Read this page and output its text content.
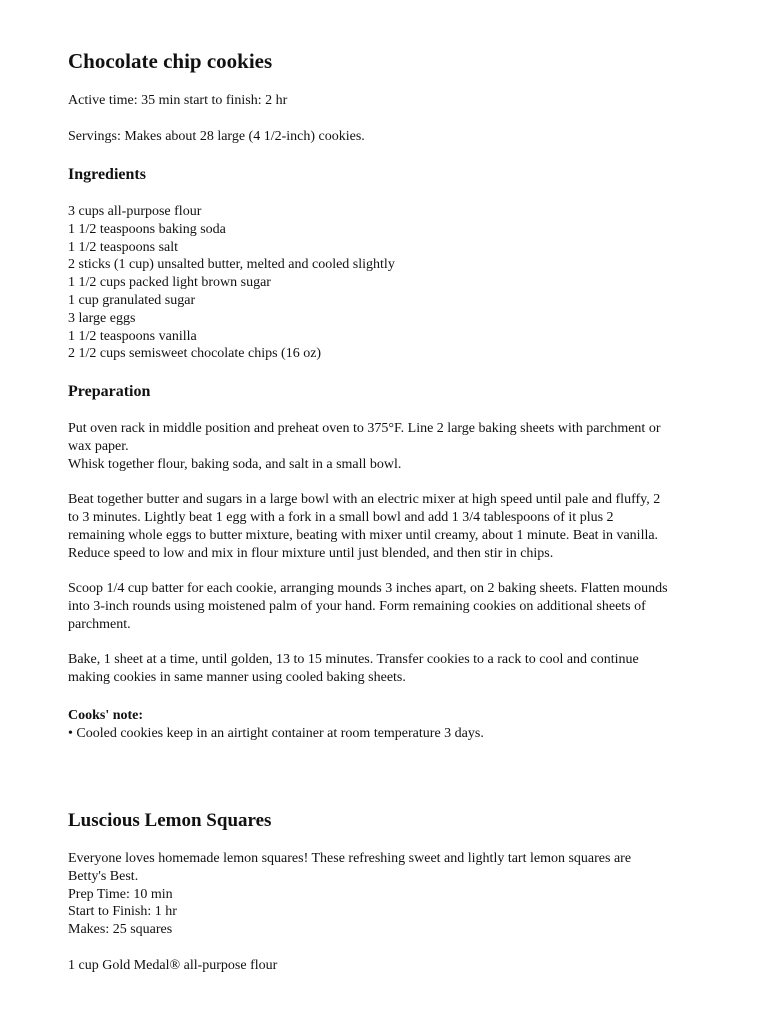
Chocolate chip cookies

Active time: 35 min start to finish: 2 hr

Servings: Makes about 28 large (4 1/2-inch) cookies.

Ingredients
3 cups all-purpose flour
1 1/2 teaspoons baking soda
1 1/2 teaspoons salt
2 sticks (1 cup) unsalted butter, melted and cooled slightly
1 1/2 cups packed light brown sugar
1 cup granulated sugar
3 large eggs
1 1/2 teaspoons vanilla
2 1/2 cups semisweet chocolate chips (16 oz)
Preparation

Put oven rack in middle position and preheat oven to 375°F. Line 2 large baking sheets with parchment or wax paper.

Whisk together flour, baking soda, and salt in a small bowl.

Beat together butter and sugars in a large bowl with an electric mixer at high speed until pale and fluffy, 2 to 3 minutes. Lightly beat 1 egg with a fork in a small bowl and add 1 3/4 tablespoons of it plus 2 remaining whole eggs to butter mixture, beating with mixer until creamy, about 1 minute. Beat in vanilla. Reduce speed to low and mix in flour mixture until just blended, and then stir in chips.

Scoop 1/4 cup batter for each cookie, arranging mounds 3 inches apart, on 2 baking sheets. Flatten mounds into 3-inch rounds using moistened palm of your hand. Form remaining cookies on additional sheets of parchment.

Bake, 1 sheet at a time, until golden, 13 to 15 minutes. Transfer cookies to a rack to cool and continue making cookies in same manner using cooled baking sheets.

Cooks' note:

• Cooled cookies keep in an airtight container at room temperature 3 days.

Luscious Lemon Squares

Everyone loves homemade lemon squares! These refreshing sweet and lightly tart lemon squares are Betty's Best.

Prep Time: 10 min
Start to Finish: 1 hr
Makes: 25 squares

1 cup Gold Medal® all-purpose flour
